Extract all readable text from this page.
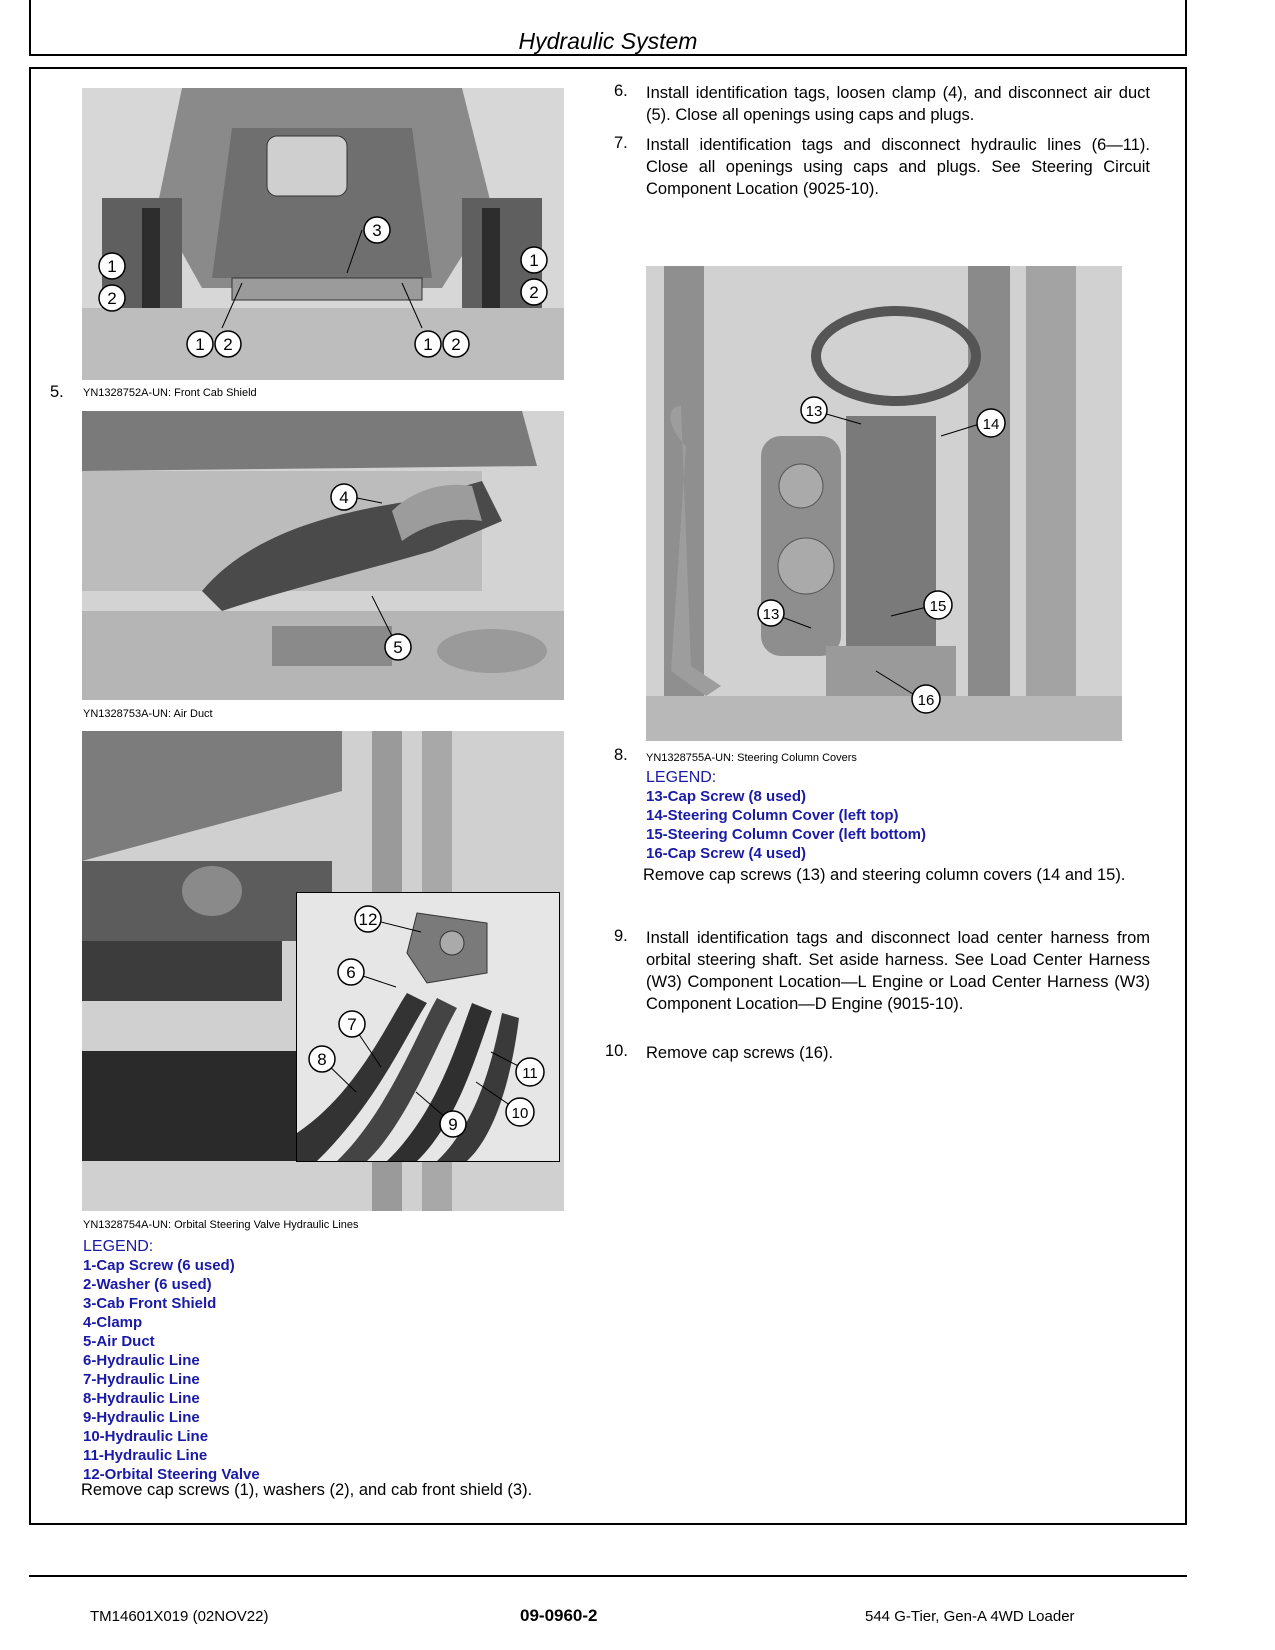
Hydraulic System
3
1
2
1
2
1 2	1 2
5. YN1328752A-UN: Front Cab Shield
4
5
YN1328753A-UN: Air Duct
12
6
7
8
9
10
11
YN1328754A-UN: Orbital Steering Valve Hydraulic Lines
LEGEND:
1-Cap Screw (6 used)
2-Washer (6 used)
3-Cab Front Shield
4-Clamp
5-Air Duct
6-Hydraulic Line
7-Hydraulic Line
8-Hydraulic Line
9-Hydraulic Line
10-Hydraulic Line
11-Hydraulic Line
12-Orbital Steering Valve
Remove cap screws (1), washers (2), and cab front shield (3).
6. Install identification tags, loosen clamp (4), and disconnect air duct (5). Close all openings using caps and plugs.
7. Install identification tags and disconnect hydraulic lines (6—11). Close all openings using caps and plugs. See Steering Circuit Component Location (9025-10).
13
14
13	15
16
8. YN1328755A-UN: Steering Column Covers
LEGEND:
13-Cap Screw (8 used)
14-Steering Column Cover (left top)
15-Steering Column Cover (left bottom)
16-Cap Screw (4 used)
Remove cap screws (13) and steering column covers (14 and 15).
9. Install identification tags and disconnect load center harness from orbital steering shaft. Set aside harness. See Load Center Harness (W3) Component Location—L Engine or Load Center Harness (W3) Component Location—D Engine (9015-10).
10. Remove cap screws (16).
TM14601X019 (02NOV22)	09-0960-2	544 G-Tier, Gen-A 4WD Loader
